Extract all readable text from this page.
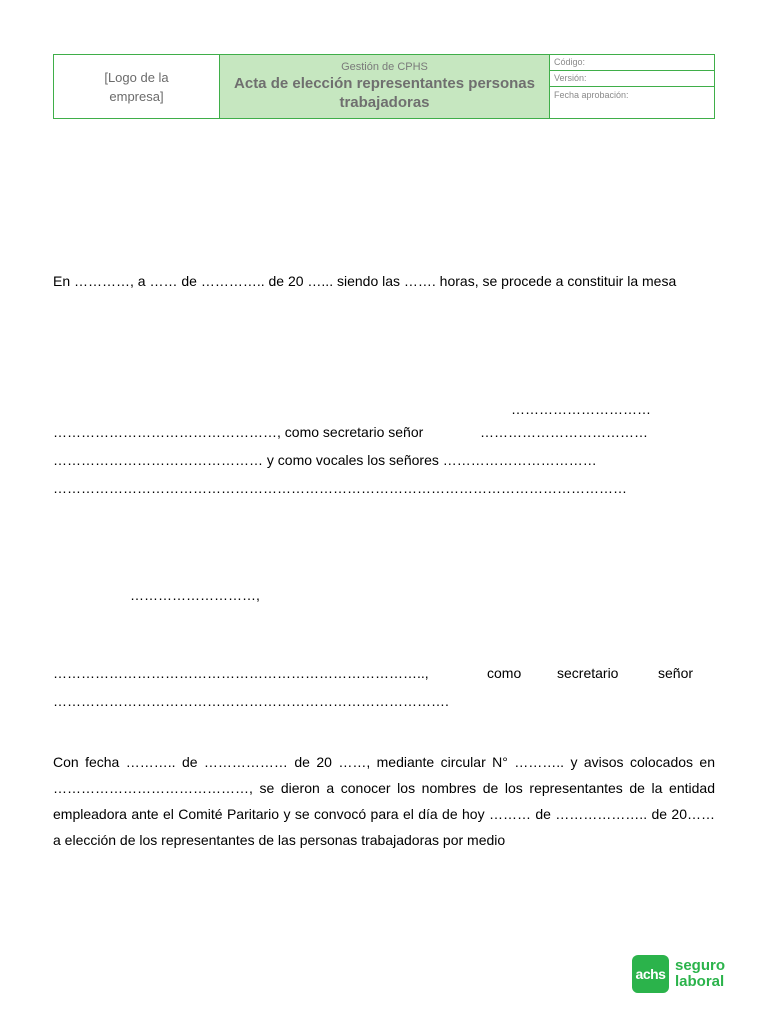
[Logo de la empresa]
Gestión de CPHS
Acta de elección representantes personas trabajadoras
Código:
Versión:
Fecha aprobación:
En …………, a …… de ………….. de 20 …... siendo las ……. horas, se procede a constituir la mesa
…………………………
…………………………………………, como secretario señor	………………………………
……………………………………… y como vocales los señores ……………………………
……………………………………………………………………………………………………………
………………………,
……………………………………………………………………..,	como	secretario	señor
………………………………………………………………………….
Con fecha ……….. de ……………… de 20 ……, mediante circular N° ……….. y avisos colocados en ……………………………………, se dieron a conocer los nombres de los representantes de la entidad empleadora ante el Comité Paritario y se convocó para el día de hoy ……… de ……………….. de 20…… a elección de los representantes de las personas trabajadoras por medio
achs seguro
laboral
